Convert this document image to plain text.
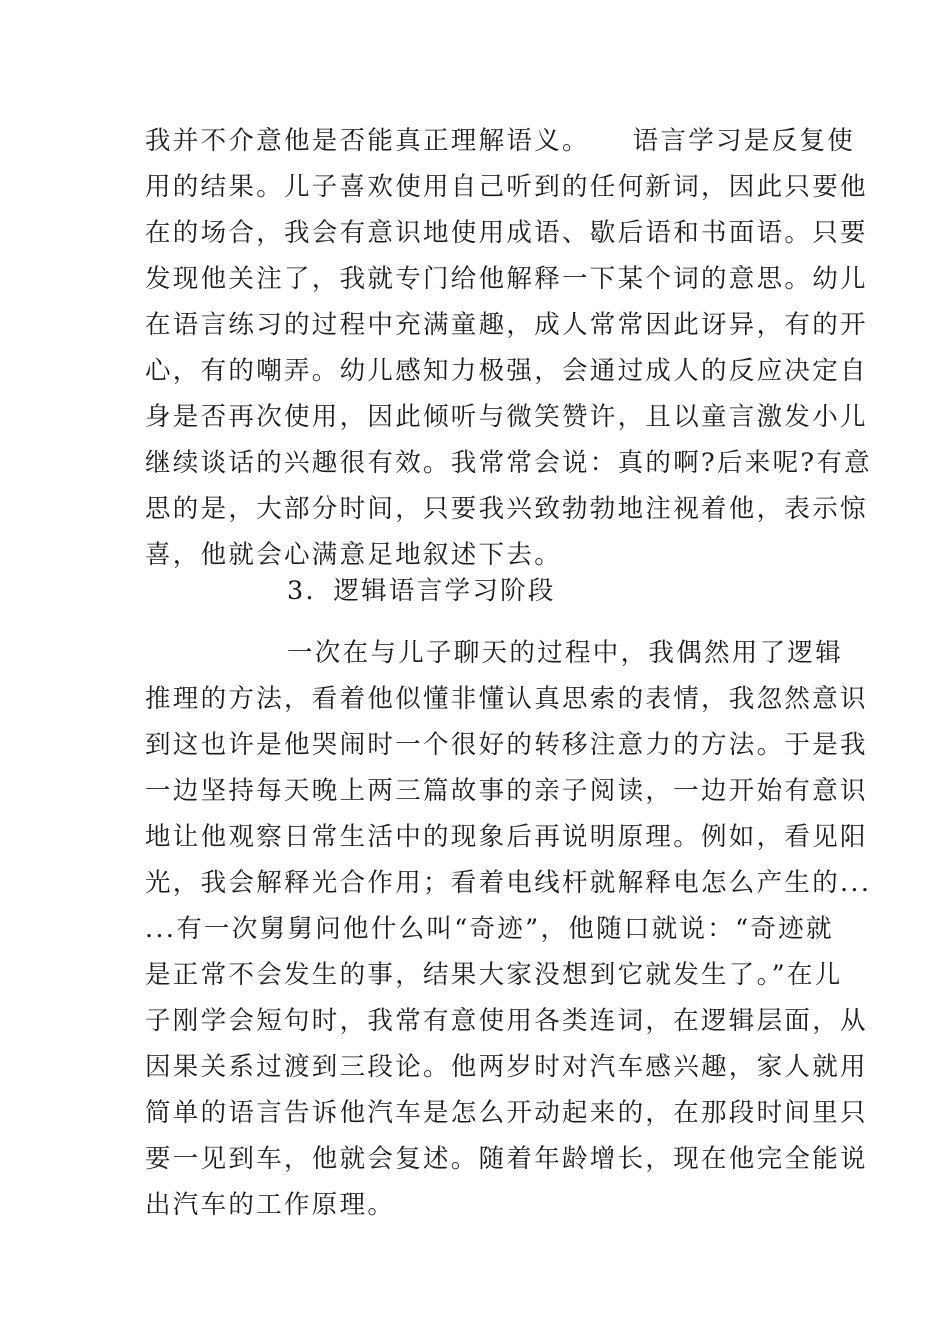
我并不介意他是否能真正理解语义。　　语言学习是反复使
用的结果。儿子喜欢使用自己听到的任何新词，因此只要他
在的场合，我会有意识地使用成语、歇后语和书面语。只要
发现他关注了，我就专门给他解释一下某个词的意思。幼儿
在语言练习的过程中充满童趣，成人常常因此讶异，有的开
心，有的嘲弄。幼儿感知力极强，会通过成人的反应决定自
身是否再次使用，因此倾听与微笑赞许，且以童言激发小儿
继续谈话的兴趣很有效。我常常会说：真的啊?后来呢?有意
思的是，大部分时间，只要我兴致勃勃地注视着他，表示惊
喜，他就会心满意足地叙述下去。
3．逻辑语言学习阶段
一次在与儿子聊天的过程中，我偶然用了逻辑
推理的方法，看着他似懂非懂认真思索的表情，我忽然意识
到这也许是他哭闹时一个很好的转移注意力的方法。于是我
一边坚持每天晚上两三篇故事的亲子阅读，一边开始有意识
地让他观察日常生活中的现象后再说明原理。例如，看见阳
光，我会解释光合作用；看着电线杆就解释电怎么产生的...
...有一次舅舅问他什么叫“奇迹”，他随口就说：“奇迹就
是正常不会发生的事，结果大家没想到它就发生了。”在儿
子刚学会短句时，我常有意使用各类连词，在逻辑层面，从
因果关系过渡到三段论。他两岁时对汽车感兴趣，家人就用
简单的语言告诉他汽车是怎么开动起来的，在那段时间里只
要一见到车，他就会复述。随着年龄增长，现在他完全能说
出汽车的工作原理。
